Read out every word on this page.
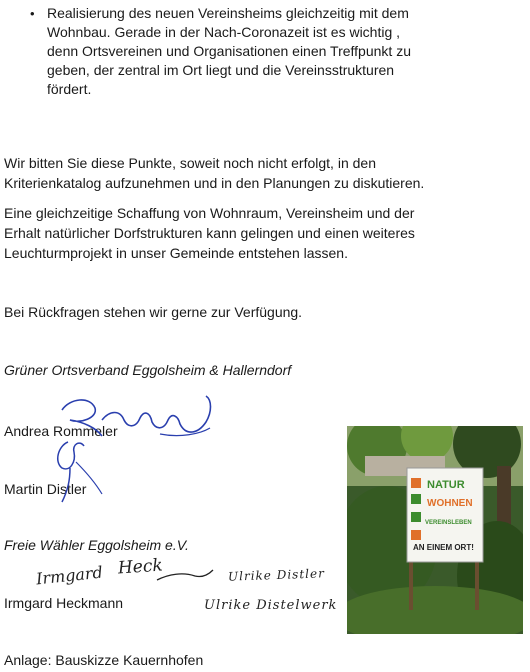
• Realisierung des neuen Vereinsheims gleichzeitig mit dem
Wohnbau. Gerade in der Nach-Coronazeit ist es wichtig ,
denn Ortsvereinen und Organisationen einen Treffpunkt zu
geben, der zentral im Ort liegt und die Vereinsstrukturen
fördert.
Wir bitten Sie diese Punkte, soweit noch nicht erfolgt, in den
Kriterienkatalog aufzunehmen und in den Planungen zu diskutieren.
Eine gleichzeitige Schaffung von Wohnraum, Vereinsheim und der
Erhalt natürlicher Dorfstrukturen kann gelingen und einen weiteres
Leuchturmprojekt in unser Gemeinde entstehen lassen.
Bei Rückfragen stehen wir gerne zur Verfügung.
Grüner Ortsverband Eggolsheim & Hallerndorf
Andrea Rommeler
Martin Distler
Freie Wähler Eggolsheim e.V.
Irmgard Heckmann
Anlage: Bauskizze Kauernhofen
Irmgard Heck	Ulrike Distler
Ulrike Distelwerk
NATUR
WOHNEN
VEREINSLEBEN
AN EINEM ORT!
